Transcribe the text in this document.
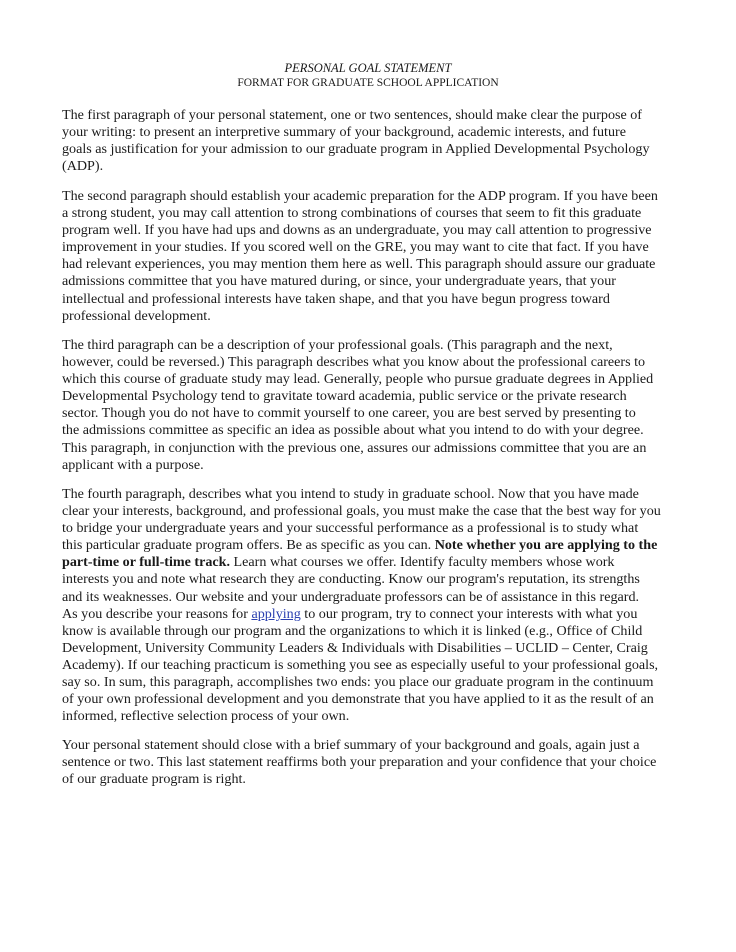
PERSONAL GOAL STATEMENT
FORMAT FOR GRADUATE SCHOOL APPLICATION
The first paragraph of your personal statement, one or two sentences, should make clear the purpose of
your writing: to present an interpretive summary of your background, academic interests, and future
goals as justification for your admission to our graduate program in Applied Developmental Psychology
(ADP).
The second paragraph should establish your academic preparation for the ADP program. If you have been
a strong student, you may call attention to strong combinations of courses that seem to fit this graduate
program well. If you have had ups and downs as an undergraduate, you may call attention to progressive
improvement in your studies. If you scored well on the GRE, you may want to cite that fact. If you have
had relevant experiences, you may mention them here as well. This paragraph should assure our graduate
admissions committee that you have matured during, or since, your undergraduate years, that your
intellectual and professional interests have taken shape, and that you have begun progress toward
professional development.
The third paragraph can be a description of your professional goals. (This paragraph and the next,
however, could be reversed.) This paragraph describes what you know about the professional careers to
which this course of graduate study may lead. Generally, people who pursue graduate degrees in Applied
Developmental Psychology tend to gravitate toward academia, public service or the private research
sector. Though you do not have to commit yourself to one career, you are best served by presenting to
the admissions committee as specific an idea as possible about what you intend to do with your degree.
This paragraph, in conjunction with the previous one, assures our admissions committee that you are an
applicant with a purpose.
The fourth paragraph, describes what you intend to study in graduate school. Now that you have made
clear your interests, background, and professional goals, you must make the case that the best way for you
to bridge your undergraduate years and your successful performance as a professional is to study what
this particular graduate program offers. Be as specific as you can. Note whether you are applying to the
part-time or full-time track. Learn what courses we offer. Identify faculty members whose work
interests you and note what research they are conducting. Know our program's reputation, its strengths
and its weaknesses. Our website and your undergraduate professors can be of assistance in this regard.
As you describe your reasons for applying to our program, try to connect your interests with what you
know is available through our program and the organizations to which it is linked (e.g., Office of Child
Development, University Community Leaders & Individuals with Disabilities – UCLID – Center, Craig
Academy). If our teaching practicum is something you see as especially useful to your professional goals,
say so. In sum, this paragraph, accomplishes two ends: you place our graduate program in the continuum
of your own professional development and you demonstrate that you have applied to it as the result of an
informed, reflective selection process of your own.
Your personal statement should close with a brief summary of your background and goals, again just a
sentence or two. This last statement reaffirms both your preparation and your confidence that your choice
of our graduate program is right.
